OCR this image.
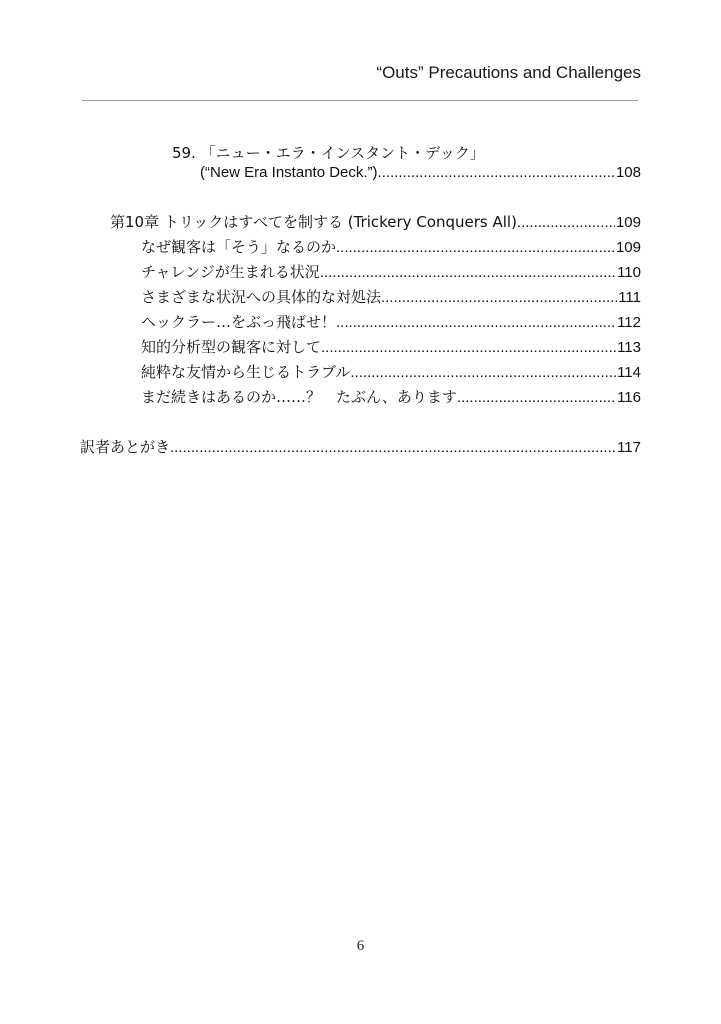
“Outs” Precautions and Challenges
59. 「ニュー・エラ・インスタント・デック」
(“New Era Instanto Deck.”) .....	108
第10章 トリックはすべてを制する (Trickery Conquers All) .....	109
なぜ観客は「そう」なるのか .....	109
チャレンジが生まれる状況 .....	110
さまざまな状況への具体的な対処法 .....	111
ヘックラー…をぶっ飛ばせ！ .....	112
知的分析型の観客に対して .....	113
純粋な友情から生じるトラブル .....	114
まだ続きはあるのか……？　たぶん、あります .....	116
訳者あとがき .....	117
6
